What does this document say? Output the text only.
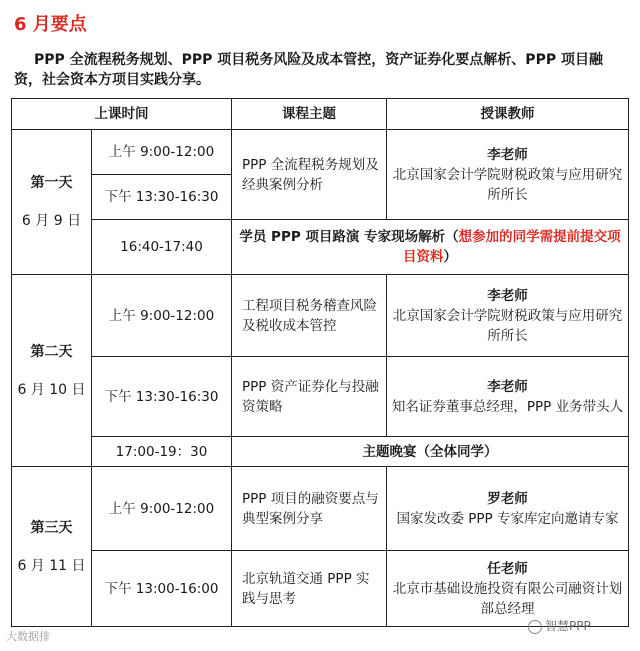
6 月要点
PPP 全流程税务规划、PPP 项目税务风险及成本管控，资产证券化要点解析、PPP 项目融资，社会资本方项目实践分享。
上课时间		课程主题	授课教师

第一天
6 月 9 日	上午 9:00-12:00	PPP 全流程税务规划及经典案例分析	李老师
北京国家会计学院财税政策与应用研究所所长
	下午 13:30-16:30		
	16:40-17:40	学员 PPP 项目路演 专家现场解析（想参加的同学需提前提交项目资料）	

第二天
6 月 10 日	上午 9:00-12:00	工程项目税务稽查风险及税收成本管控	李老师
北京国家会计学院财税政策与应用研究所所长
	下午 13:30-16:30	PPP 资产证券化与投融资策略	李老师
知名证券董事总经理，PPP 业务带头人
	17:00-19：30	主题晚宴（全体同学）	

第三天
6 月 11 日	上午 9:00-12:00	PPP 项目的融资要点与典型案例分享	罗老师
国家发改委 PPP 专家库定向邀请专家
	下午 13:00-16:00	北京轨道交通 PPP 实践与思考	任老师
北京市基础设施投资有限公司融资计划部总经理
大数据排
智慧PPP
